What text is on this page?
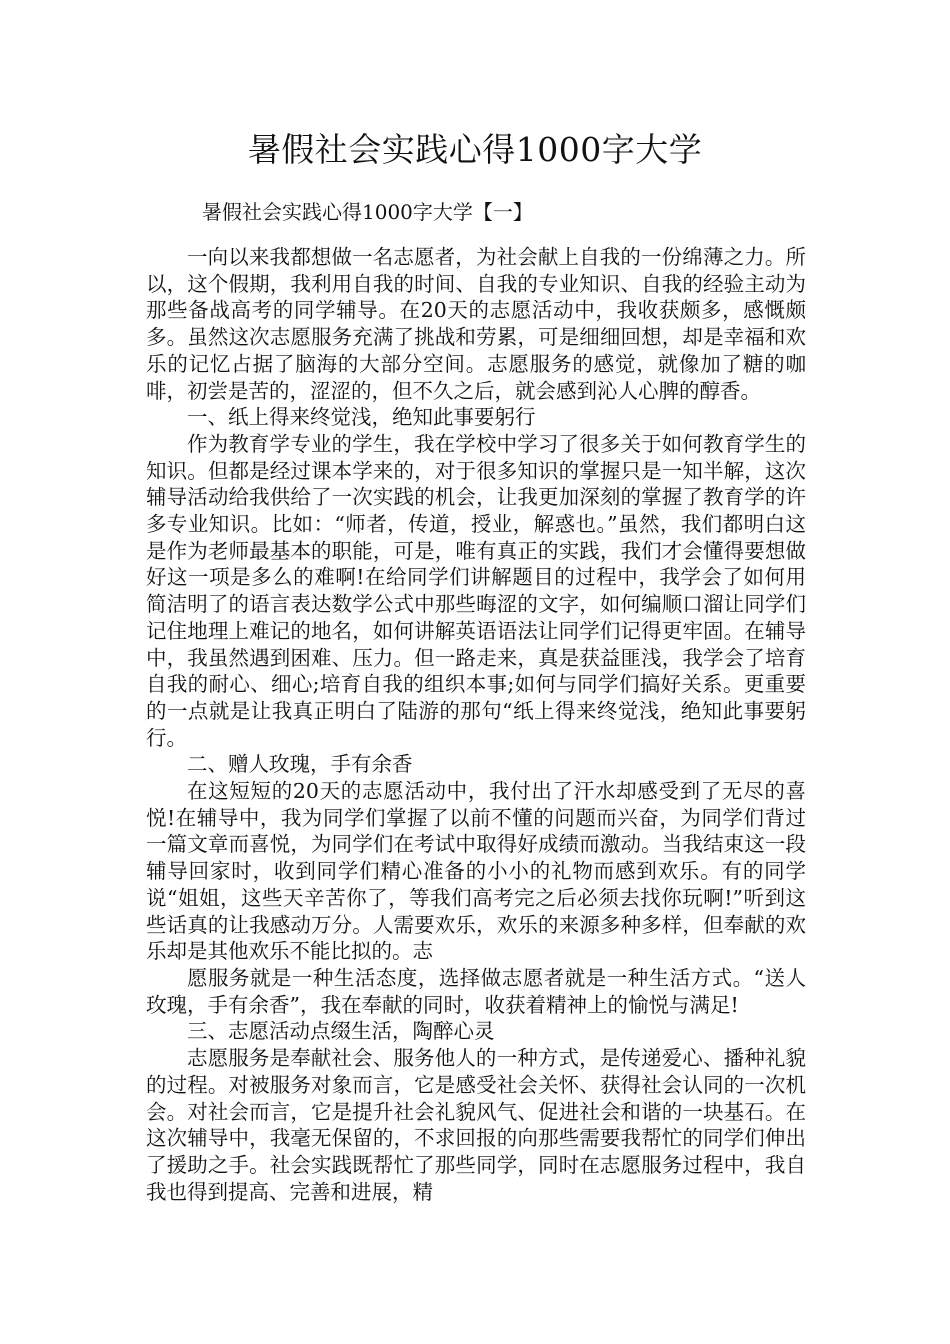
暑假社会实践心得1000字大学
暑假社会实践心得1000字大学【一】

一向以来我都想做一名志愿者，为社会献上自我的一份绵薄之力。所以，这个假期，我利用自我的时间、自我的专业知识、自我的经验主动为那些备战高考的同学辅导。在20天的志愿活动中，我收获颇多，感慨颇多。虽然这次志愿服务充满了挑战和劳累，可是细细回想，却是幸福和欢乐的记忆占据了脑海的大部分空间。志愿服务的感觉，就像加了糖的咖啡，初尝是苦的，涩涩的，但不久之后，就会感到沁人心脾的醇香。

一、纸上得来终觉浅，绝知此事要躬行

作为教育学专业的学生，我在学校中学习了很多关于如何教育学生的知识。但都是经过课本学来的，对于很多知识的掌握只是一知半解，这次辅导活动给我供给了一次实践的机会，让我更加深刻的掌握了教育学的许多专业知识。比如：“师者，传道，授业，解惑也。”虽然，我们都明白这是作为老师最基本的职能，可是，唯有真正的实践，我们才会懂得要想做好这一项是多么的难啊!在给同学们讲解题目的过程中，我学会了如何用简洁明了的语言表达数学公式中那些晦涩的文字，如何编顺口溜让同学们记住地理上难记的地名，如何讲解英语语法让同学们记得更牢固。在辅导中，我虽然遇到困难、压力。但一路走来，真是获益匪浅，我学会了培育自我的耐心、细心;培育自我的组织本事;如何与同学们搞好关系。更重要的一点就是让我真正明白了陆游的那句“纸上得来终觉浅，绝知此事要躬行。

二、赠人玫瑰，手有余香

在这短短的20天的志愿活动中，我付出了汗水却感受到了无尽的喜悦!在辅导中，我为同学们掌握了以前不懂的问题而兴奋，为同学们背过一篇文章而喜悦，为同学们在考试中取得好成绩而激动。当我结束这一段辅导回家时，收到同学们精心准备的小小的礼物而感到欢乐。有的同学说“姐姐，这些天辛苦你了，等我们高考完之后必须去找你玩啊!”听到这些话真的让我感动万分。人需要欢乐，欢乐的来源多种多样，但奉献的欢乐却是其他欢乐不能比拟的。志

愿服务就是一种生活态度，选择做志愿者就是一种生活方式。“送人玫瑰，手有余香”，我在奉献的同时，收获着精神上的愉悦与满足!

三、志愿活动点缀生活，陶醉心灵

志愿服务是奉献社会、服务他人的一种方式，是传递爱心、播种礼貌的过程。对被服务对象而言，它是感受社会关怀、获得社会认同的一次机会。对社会而言，它是提升社会礼貌风气、促进社会和谐的一块基石。在这次辅导中，我毫无保留的，不求回报的向那些需要我帮忙的同学们伸出了援助之手。社会实践既帮忙了那些同学，同时在志愿服务过程中，我自我也得到提高、完善和进展，精
